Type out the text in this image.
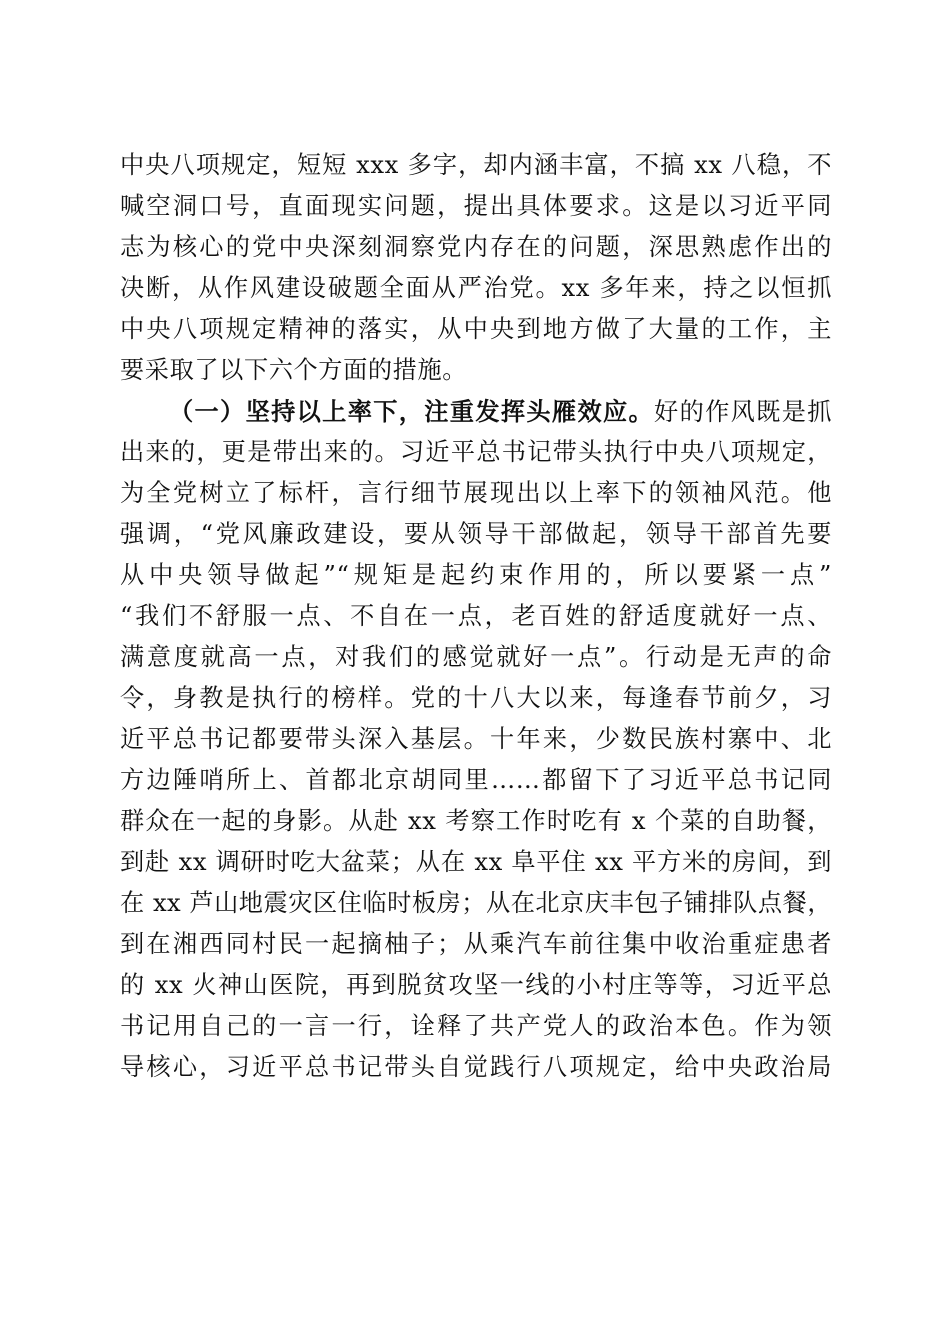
中央八项规定，短短 xxx 多字，却内涵丰富，不搞 xx 八稳，不
喊空洞口号，直面现实问题，提出具体要求。这是以习近平同
志为核心的党中央深刻洞察党内存在的问题，深思熟虑作出的
决断，从作风建设破题全面从严治党。xx 多年来，持之以恒抓
中央八项规定精神的落实，从中央到地方做了大量的工作，主
要采取了以下六个方面的措施。
（一）坚持以上率下，注重发挥头雁效应。好的作风既是抓
出来的，更是带出来的。习近平总书记带头执行中央八项规定，
为全党树立了标杆，言行细节展现出以上率下的领袖风范。他
强调，“党风廉政建设，要从领导干部做起，领导干部首先要
从中央领导做起”“规矩是起约束作用的，所以要紧一点”
“我们不舒服一点、不自在一点，老百姓的舒适度就好一点、
满意度就高一点，对我们的感觉就好一点”。行动是无声的命
令，身教是执行的榜样。党的十八大以来，每逢春节前夕，习
近平总书记都要带头深入基层。十年来，少数民族村寨中、北
方边陲哨所上、首都北京胡同里……都留下了习近平总书记同
群众在一起的身影。从赴 xx 考察工作时吃有 x 个菜的自助餐，
到赴 xx 调研时吃大盆菜；从在 xx 阜平住 xx 平方米的房间，到
在 xx 芦山地震灾区住临时板房；从在北京庆丰包子铺排队点餐，
到在湘西同村民一起摘柚子；从乘汽车前往集中收治重症患者
的 xx 火神山医院，再到脱贫攻坚一线的小村庄等等，习近平总
书记用自己的一言一行，诠释了共产党人的政治本色。作为领
导核心，习近平总书记带头自觉践行八项规定，给中央政治局
